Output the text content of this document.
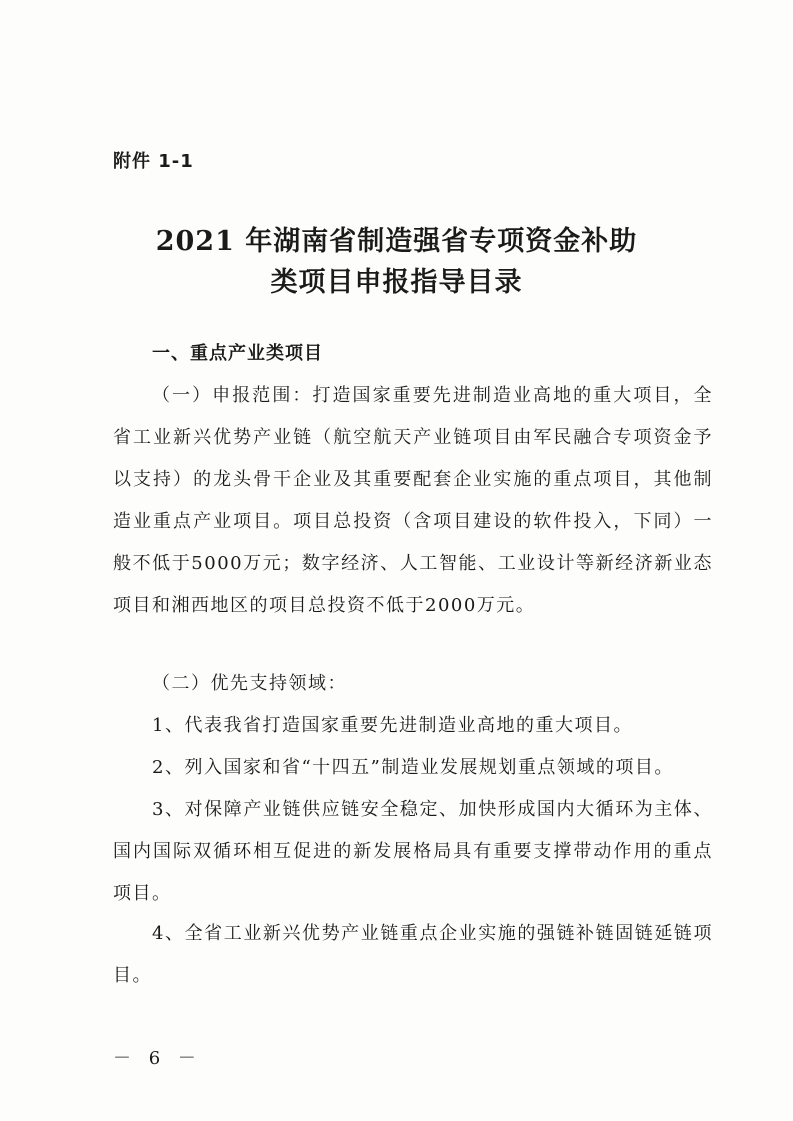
附件 1-1
2021 年湖南省制造强省专项资金补助
类项目申报指导目录
一、重点产业类项目
（一）申报范围：打造国家重要先进制造业高地的重大项目，全省工业新兴优势产业链（航空航天产业链项目由军民融合专项资金予以支持）的龙头骨干企业及其重要配套企业实施的重点项目，其他制造业重点产业项目。项目总投资（含项目建设的软件投入，下同）一般不低于5000万元；数字经济、人工智能、工业设计等新经济新业态项目和湘西地区的项目总投资不低于2000万元。
（二）优先支持领域：
1、代表我省打造国家重要先进制造业高地的重大项目。
2、列入国家和省“十四五”制造业发展规划重点领域的项目。
3、对保障产业链供应链安全稳定、加快形成国内大循环为主体、国内国际双循环相互促进的新发展格局具有重要支撑带动作用的重点项目。
4、全省工业新兴优势产业链重点企业实施的强链补链固链延链项目。
－ 6 －
